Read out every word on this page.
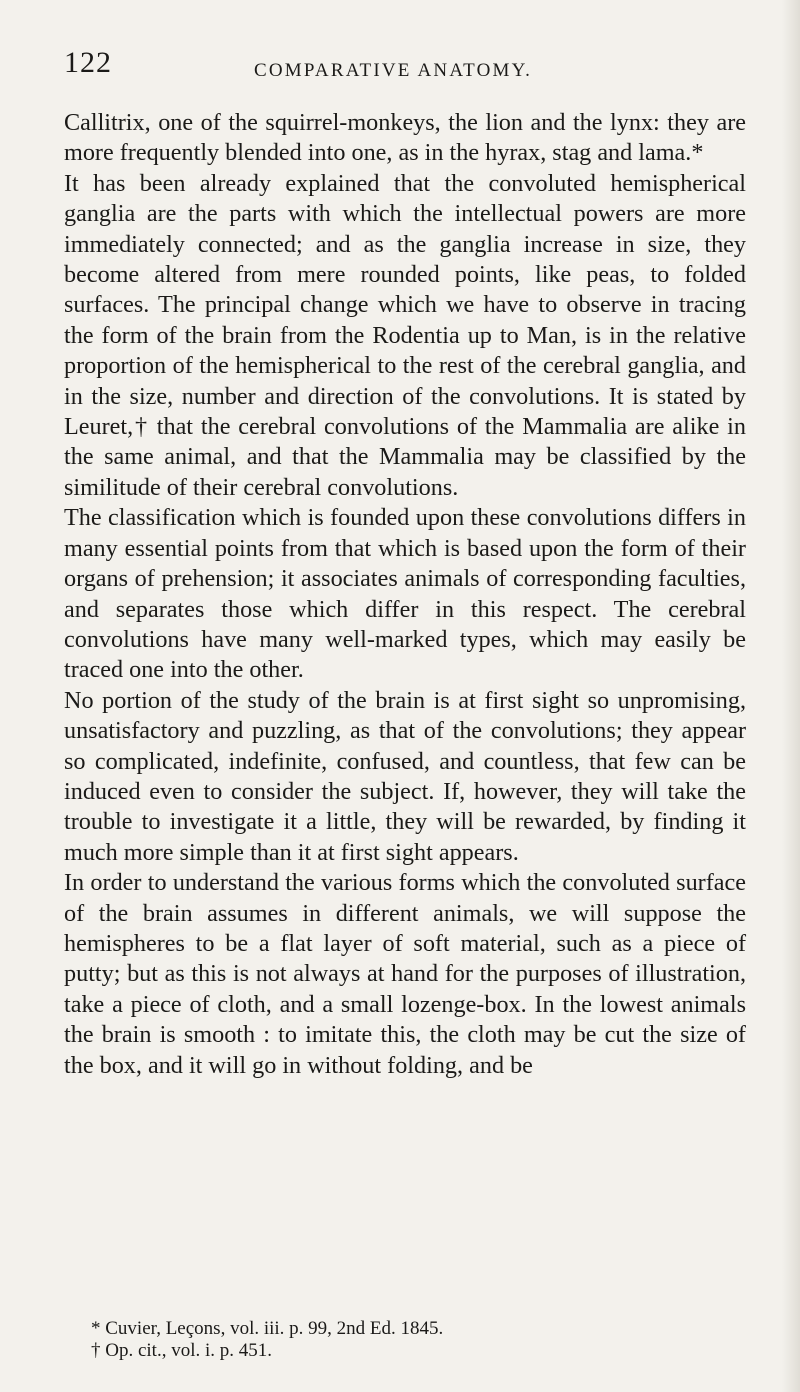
122	COMPARATIVE ANATOMY.

Callitrix, one of the squirrel-monkeys, the lion and the lynx: they are more frequently blended into one, as in the hyrax, stag and lama.*

It has been already explained that the convoluted hemispherical ganglia are the parts with which the intellectual powers are more immediately connected; and as the ganglia increase in size, they become altered from mere rounded points, like peas, to folded surfaces. The principal change which we have to observe in tracing the form of the brain from the Rodentia up to Man, is in the relative proportion of the hemispherical to the rest of the cerebral ganglia, and in the size, number and direction of the convolutions. It is stated by Leuret,† that the cerebral convolutions of the Mammalia are alike in the same animal, and that the Mammalia may be classified by the similitude of their cerebral convolutions.

The classification which is founded upon these convolutions differs in many essential points from that which is based upon the form of their organs of prehension; it associates animals of corresponding faculties, and separates those which differ in this respect. The cerebral convolutions have many well-marked types, which may easily be traced one into the other.

No portion of the study of the brain is at first sight so unpromising, unsatisfactory and puzzling, as that of the convolutions; they appear so complicated, indefinite, confused, and countless, that few can be induced even to consider the subject. If, however, they will take the trouble to investigate it a little, they will be rewarded, by finding it much more simple than it at first sight appears.

In order to understand the various forms which the convoluted surface of the brain assumes in different animals, we will suppose the hemispheres to be a flat layer of soft material, such as a piece of putty; but as this is not always at hand for the purposes of illustration, take a piece of cloth, and a small lozenge-box. In the lowest animals the brain is smooth : to imitate this, the cloth may be cut the size of the box, and it will go in without folding, and be

* Cuvier, Leçons, vol. iii. p. 99, 2nd Ed. 1845.
† Op. cit., vol. i. p. 451.
